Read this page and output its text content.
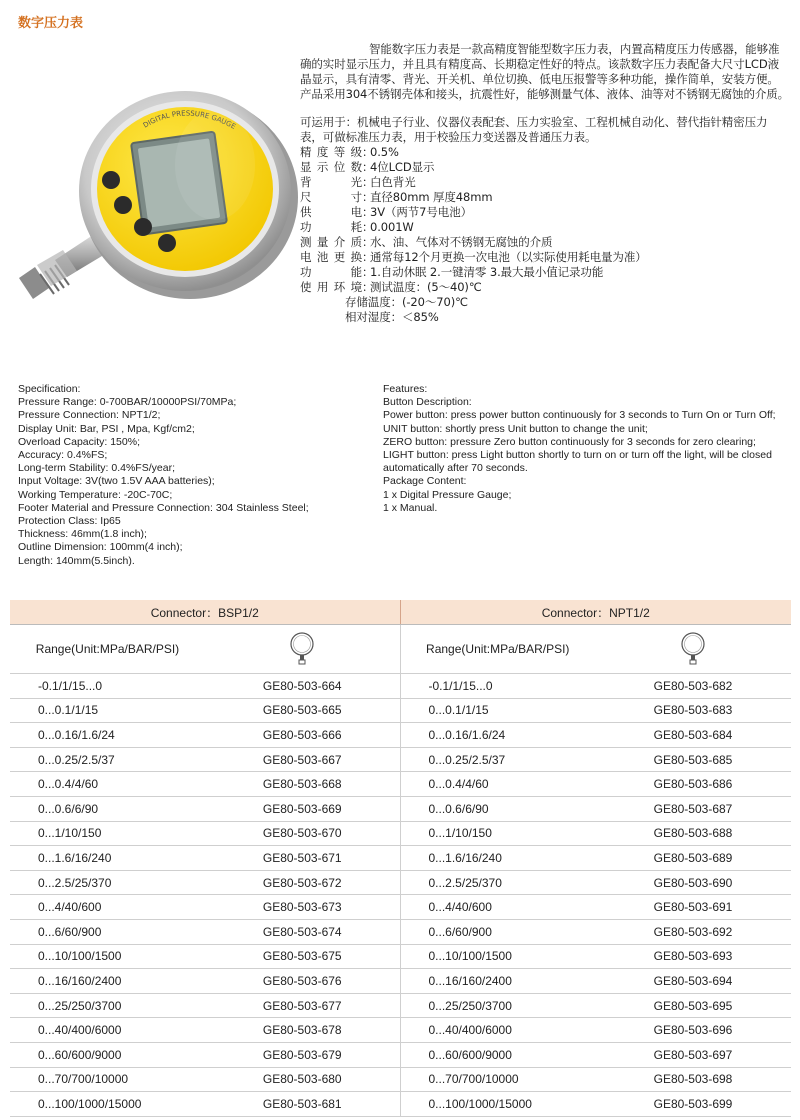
数字压力表
DIGITAL PRESSURE GAUGE

智能数字压力表是一款高精度智能型数字压力表，内置高精度压力传感器，能够准确的实时显示压力，并且具有精度高、长期稳定性好的特点。该款数字压力表配备大尺寸LCD液晶显示，具有清零、背光、开关机、单位切换、低电压报警等多种功能，操作简单，安装方便。

产品采用304不锈钢壳体和接头，抗震性好，能够测量气体、液体、油等对不锈钢无腐蚀的介质。

可运用于：机械电子行业、仪器仪表配套、压力实验室、工程机械自动化、替代指针精密压力表，可做标准压力表，用于校验压力变送器及普通压力表。

精度等级 ：
0.5%
显示位数 ：
4位LCD显示
背光 ：
白色背光
尺寸 ：
直径80mm 厚度48mm
供电 ：
3V（两节7号电池）
功耗 ：
0.001W
测量介质 ：
水、油、气体对不锈钢无腐蚀的介质
电池更换 ：
通常每12个月更换一次电池（以实际使用耗电量为准）
功能 ：
1.自动休眠 2.一键清零 3.最大最小值记录功能
使用环境 ：
测试温度：(5～40)℃
存储温度：(-20～70)℃
相对湿度：＜85%
Specification:
Pressure Range: 0-700BAR/10000PSI/70MPa;
Pressure Connection: NPT1/2;
Display Unit: Bar, PSI , Mpa, Kgf/cm2;
Overload Capacity: 150%;
Accuracy: 0.4%FS;
Long-term Stability: 0.4%FS/year;
Input Voltage: 3V(two 1.5V AAA batteries);
Working Temperature: -20C-70C;
Footer Material and Pressure Connection: 304 Stainless Steel;
Protection Class: Ip65
Thickness: 46mm(1.8 inch);
Outline Dimension: 100mm(4 inch);
Length: 140mm(5.5inch).
Features:
Button Description:
Power button: press power button continuously for 3 seconds to Turn On or Turn Off;
UNIT button: shortly press Unit button to change the unit;
ZERO button: pressure Zero button continuously for 3 seconds for zero clearing;
LIGHT button: press Light button shortly to turn on or turn off the light, will be closed automatically after 70 seconds.
Package Content:
1 x Digital Pressure Gauge;
1 x Manual.
Connector：BSP1/2		Connector：NPT1/2	
Range(Unit:MPa/BAR/PSI)		Range(Unit:MPa/BAR/PSI)	
-0.1/1/15...0	GE80-503-664	-0.1/1/15...0	GE80-503-682
0...0.1/1/15	GE80-503-665	0...0.1/1/15	GE80-503-683
0...0.16/1.6/24	GE80-503-666	0...0.16/1.6/24	GE80-503-684
0...0.25/2.5/37	GE80-503-667	0...0.25/2.5/37	GE80-503-685
0...0.4/4/60	GE80-503-668	0...0.4/4/60	GE80-503-686
0...0.6/6/90	GE80-503-669	0...0.6/6/90	GE80-503-687
0...1/10/150	GE80-503-670	0...1/10/150	GE80-503-688
0...1.6/16/240	GE80-503-671	0...1.6/16/240	GE80-503-689
0...2.5/25/370	GE80-503-672	0...2.5/25/370	GE80-503-690
0...4/40/600	GE80-503-673	0...4/40/600	GE80-503-691
0...6/60/900	GE80-503-674	0...6/60/900	GE80-503-692
0...10/100/1500	GE80-503-675	0...10/100/1500	GE80-503-693
0...16/160/2400	GE80-503-676	0...16/160/2400	GE80-503-694
0...25/250/3700	GE80-503-677	0...25/250/3700	GE80-503-695
0...40/400/6000	GE80-503-678	0...40/400/6000	GE80-503-696
0...60/600/9000	GE80-503-679	0...60/600/9000	GE80-503-697
0...70/700/10000	GE80-503-680	0...70/700/10000	GE80-503-698
0...100/1000/15000	GE80-503-681	0...100/1000/15000	GE80-503-699
